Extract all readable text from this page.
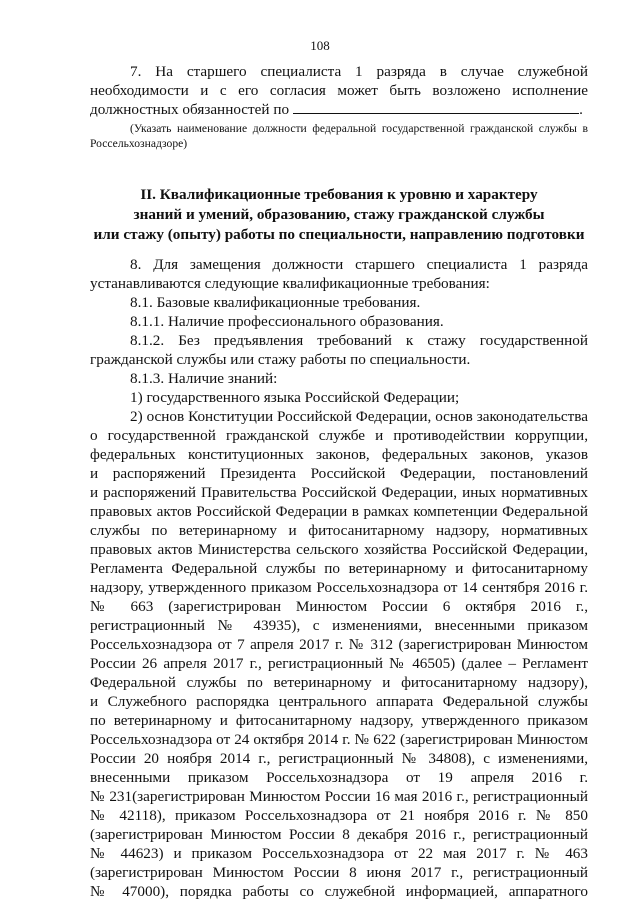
108

7. На старшего специалиста 1 разряда в случае служебной

необходимости и с его согласия может быть возложено исполнение

должностных обязанностей по	.

(Указать наименование должности федеральной государственной гражданской службы в Россельхознадзоре)

II. Квалификационные требования к уровню и характеру
знаний и умений, образованию, стажу гражданской службы
или стажу (опыту) работы по специальности, направлению подготовки

8. Для замещения должности старшего специалиста 1 разряда

устанавливаются следующие квалификационные требования:

8.1. Базовые квалификационные требования.

8.1.1. Наличие профессионального образования.

8.1.2. Без предъявления требований к стажу государственной

гражданской службы или стажу работы по специальности.

8.1.3. Наличие знаний:

1) государственного языка Российской Федерации;

2) основ Конституции Российской Федерации, основ законодательства

о государственной гражданской службе и противодействии коррупции,

федеральных конституционных законов, федеральных законов, указов

и распоряжений Президента Российской Федерации, постановлений

и распоряжений Правительства Российской Федерации, иных нормативных

правовых актов Российской Федерации в рамках компетенции Федеральной

службы по ветеринарному и фитосанитарному надзору, нормативных

правовых актов Министерства сельского хозяйства Российской Федерации,

Регламента Федеральной службы по ветеринарному и фитосанитарному

надзору, утвержденного приказом Россельхознадзора от 14 сентября 2016 г.

№ 663 (зарегистрирован Минюстом России 6 октября 2016 г.,

регистрационный № 43935), с изменениями, внесенными приказом

Россельхознадзора от 7 апреля 2017 г. № 312 (зарегистрирован Минюстом

России 26 апреля 2017 г., регистрационный № 46505) (далее – Регламент

Федеральной службы по ветеринарному и фитосанитарному надзору),

и Служебного распорядка центрального аппарата Федеральной службы

по ветеринарному и фитосанитарному надзору, утвержденного приказом

Россельхознадзора от 24 октября 2014 г. № 622 (зарегистрирован Минюстом

России 20 ноября 2014 г., регистрационный № 34808), с изменениями,

внесенными приказом Россельхознадзора от 19 апреля 2016 г.

№ 231(зарегистрирован Минюстом России 16 мая 2016 г., регистрационный

№ 42118), приказом Россельхознадзора от 21 ноября 2016 г. № 850

(зарегистрирован Минюстом России 8 декабря 2016 г., регистрационный

№ 44623) и приказом Россельхознадзора от 22 мая 2017 г. № 463

(зарегистрирован Минюстом России 8 июня 2017 г., регистрационный

№ 47000), порядка работы со служебной информацией, аппаратного
